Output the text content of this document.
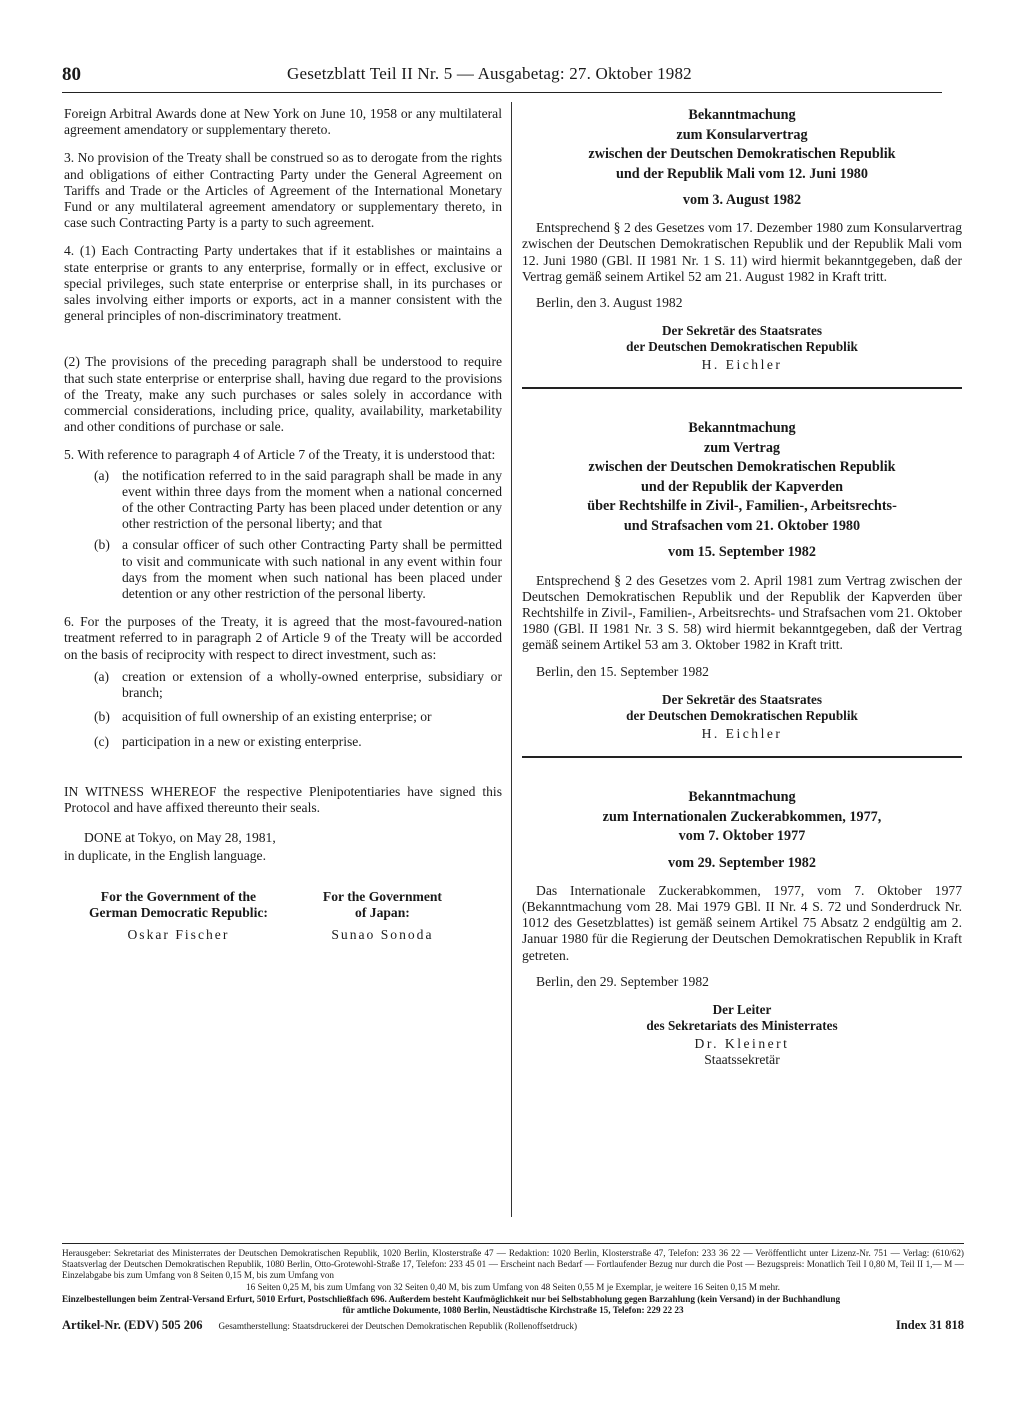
80	Gesetzblatt Teil II Nr. 5 — Ausgabetag: 27. Oktober 1982

Foreign Arbitral Awards done at New York on June 10, 1958 or any multilateral agreement amendatory or supplementary thereto.

3. No provision of the Treaty shall be construed so as to derogate from the rights and obligations of either Contracting Party under the General Agreement on Tariffs and Trade or the Articles of Agreement of the International Monetary Fund or any multilateral agreement amendatory or supplementary thereto, in case such Contracting Party is a party to such agreement.

4. (1) Each Contracting Party undertakes that if it establishes or maintains a state enterprise or grants to any enterprise, formally or in effect, exclusive or special privileges, such state enterprise or enterprise shall, in its purchases or sales involving either imports or exports, act in a manner consistent with the general principles of non-discriminatory treatment.

(2) The provisions of the preceding paragraph shall be understood to require that such state enterprise or enterprise shall, having due regard to the provisions of the Treaty, make any such purchases or sales solely in accordance with commercial considerations, including price, quality, availability, marketability and other conditions of purchase or sale.

5. With reference to paragraph 4 of Article 7 of the Treaty, it is understood that:

(a) the notification referred to in the said paragraph shall be made in any event within three days from the moment when a national concerned of the other Contracting Party has been placed under detention or any other restriction of the personal liberty; and that
(b) a consular officer of such other Contracting Party shall be permitted to visit and communicate with such national in any event within four days from the moment when such national has been placed under detention or any other restriction of the personal liberty.

6. For the purposes of the Treaty, it is agreed that the most-favoured-nation treatment referred to in paragraph 2 of Article 9 of the Treaty will be accorded on the basis of reciprocity with respect to direct investment, such as:

(a) creation or extension of a wholly-owned enterprise, subsidiary or branch;
(b) acquisition of full ownership of an existing enterprise; or
(c) participation in a new or existing enterprise.

IN WITNESS WHEREOF the respective Plenipotentiaries have signed this Protocol and have affixed thereunto their seals.

DONE at Tokyo, on May 28, 1981,

in duplicate, in the English language.

For the Government of the
German Democratic Republic:
Oskar Fischer
For the Government
of Japan:
Sunao Sonoda

Bekanntmachung

zum Konsularvertrag

zwischen der Deutschen Demokratischen Republik

und der Republik Mali vom 12. Juni 1980

vom 3. August 1982

Entsprechend § 2 des Gesetzes vom 17. Dezember 1980 zum Konsularvertrag zwischen der Deutschen Demokratischen Republik und der Republik Mali vom 12. Juni 1980 (GBl. II 1981 Nr. 1 S. 11) wird hiermit bekanntgegeben, daß der Vertrag gemäß seinem Artikel 52 am 21. August 1982 in Kraft tritt.

Berlin, den 3. August 1982

Der Sekretär des Staatsrates
der Deutschen Demokratischen Republik
H. Eichler

Bekanntmachung

zum Vertrag

zwischen der Deutschen Demokratischen Republik

und der Republik der Kapverden

über Rechtshilfe in Zivil-, Familien-, Arbeitsrechts-

und Strafsachen vom 21. Oktober 1980

vom 15. September 1982

Entsprechend § 2 des Gesetzes vom 2. April 1981 zum Vertrag zwischen der Deutschen Demokratischen Republik und der Republik der Kapverden über Rechtshilfe in Zivil-, Familien-, Arbeitsrechts- und Strafsachen vom 21. Oktober 1980 (GBl. II 1981 Nr. 3 S. 58) wird hiermit bekanntgegeben, daß der Vertrag gemäß seinem Artikel 53 am 3. Oktober 1982 in Kraft tritt.

Berlin, den 15. September 1982

Der Sekretär des Staatsrates
der Deutschen Demokratischen Republik
H. Eichler

Bekanntmachung

zum Internationalen Zuckerabkommen, 1977,

vom 7. Oktober 1977

vom 29. September 1982

Das Internationale Zuckerabkommen, 1977, vom 7. Oktober 1977 (Bekanntmachung vom 28. Mai 1979 GBl. II Nr. 4 S. 72 und Sonderdruck Nr. 1012 des Gesetzblattes) ist gemäß seinem Artikel 75 Absatz 2 endgültig am 2. Januar 1980 für die Regierung der Deutschen Demokratischen Republik in Kraft getreten.

Berlin, den 29. September 1982

Der Leiter
des Sekretariats des Ministerrates
Dr. Kleinert
Staatssekretär

Herausgeber: Sekretariat des Ministerrates der Deutschen Demokratischen Republik, 1020 Berlin, Klosterstraße 47 — Redaktion: 1020 Berlin, Klosterstraße 47, Telefon: 233 36 22 — Veröffentlicht unter Lizenz-Nr. 751 — Verlag: (610/62) Staatsverlag der Deutschen Demokratischen Republik, 1080 Berlin, Otto-Grotewohl-Straße 17, Telefon: 233 45 01 — Erscheint nach Bedarf — Fortlaufender Bezug nur durch die Post — Bezugspreis: Monatlich Teil I 0,80 M, Teil II 1,— M — Einzelabgabe bis zum Umfang von 8 Seiten 0,15 M, bis zum Umfang von

16 Seiten 0,25 M, bis zum Umfang von 32 Seiten 0,40 M, bis zum Umfang von 48 Seiten 0,55 M je Exemplar, je weitere 16 Seiten 0,15 M mehr.

Einzelbestellungen beim Zentral-Versand Erfurt, 5010 Erfurt, Postschließfach 696. Außerdem besteht Kaufmöglichkeit nur bei Selbstabholung gegen Barzahlung (kein Versand) in der Buchhandlung

für amtliche Dokumente, 1080 Berlin, Neustädtische Kirchstraße 15, Telefon: 229 22 23

Artikel-Nr. (EDV) 505 206 Gesamtherstellung: Staatsdruckerei der Deutschen Demokratischen Republik (Rollenoffsetdruck)	Index 31 818
